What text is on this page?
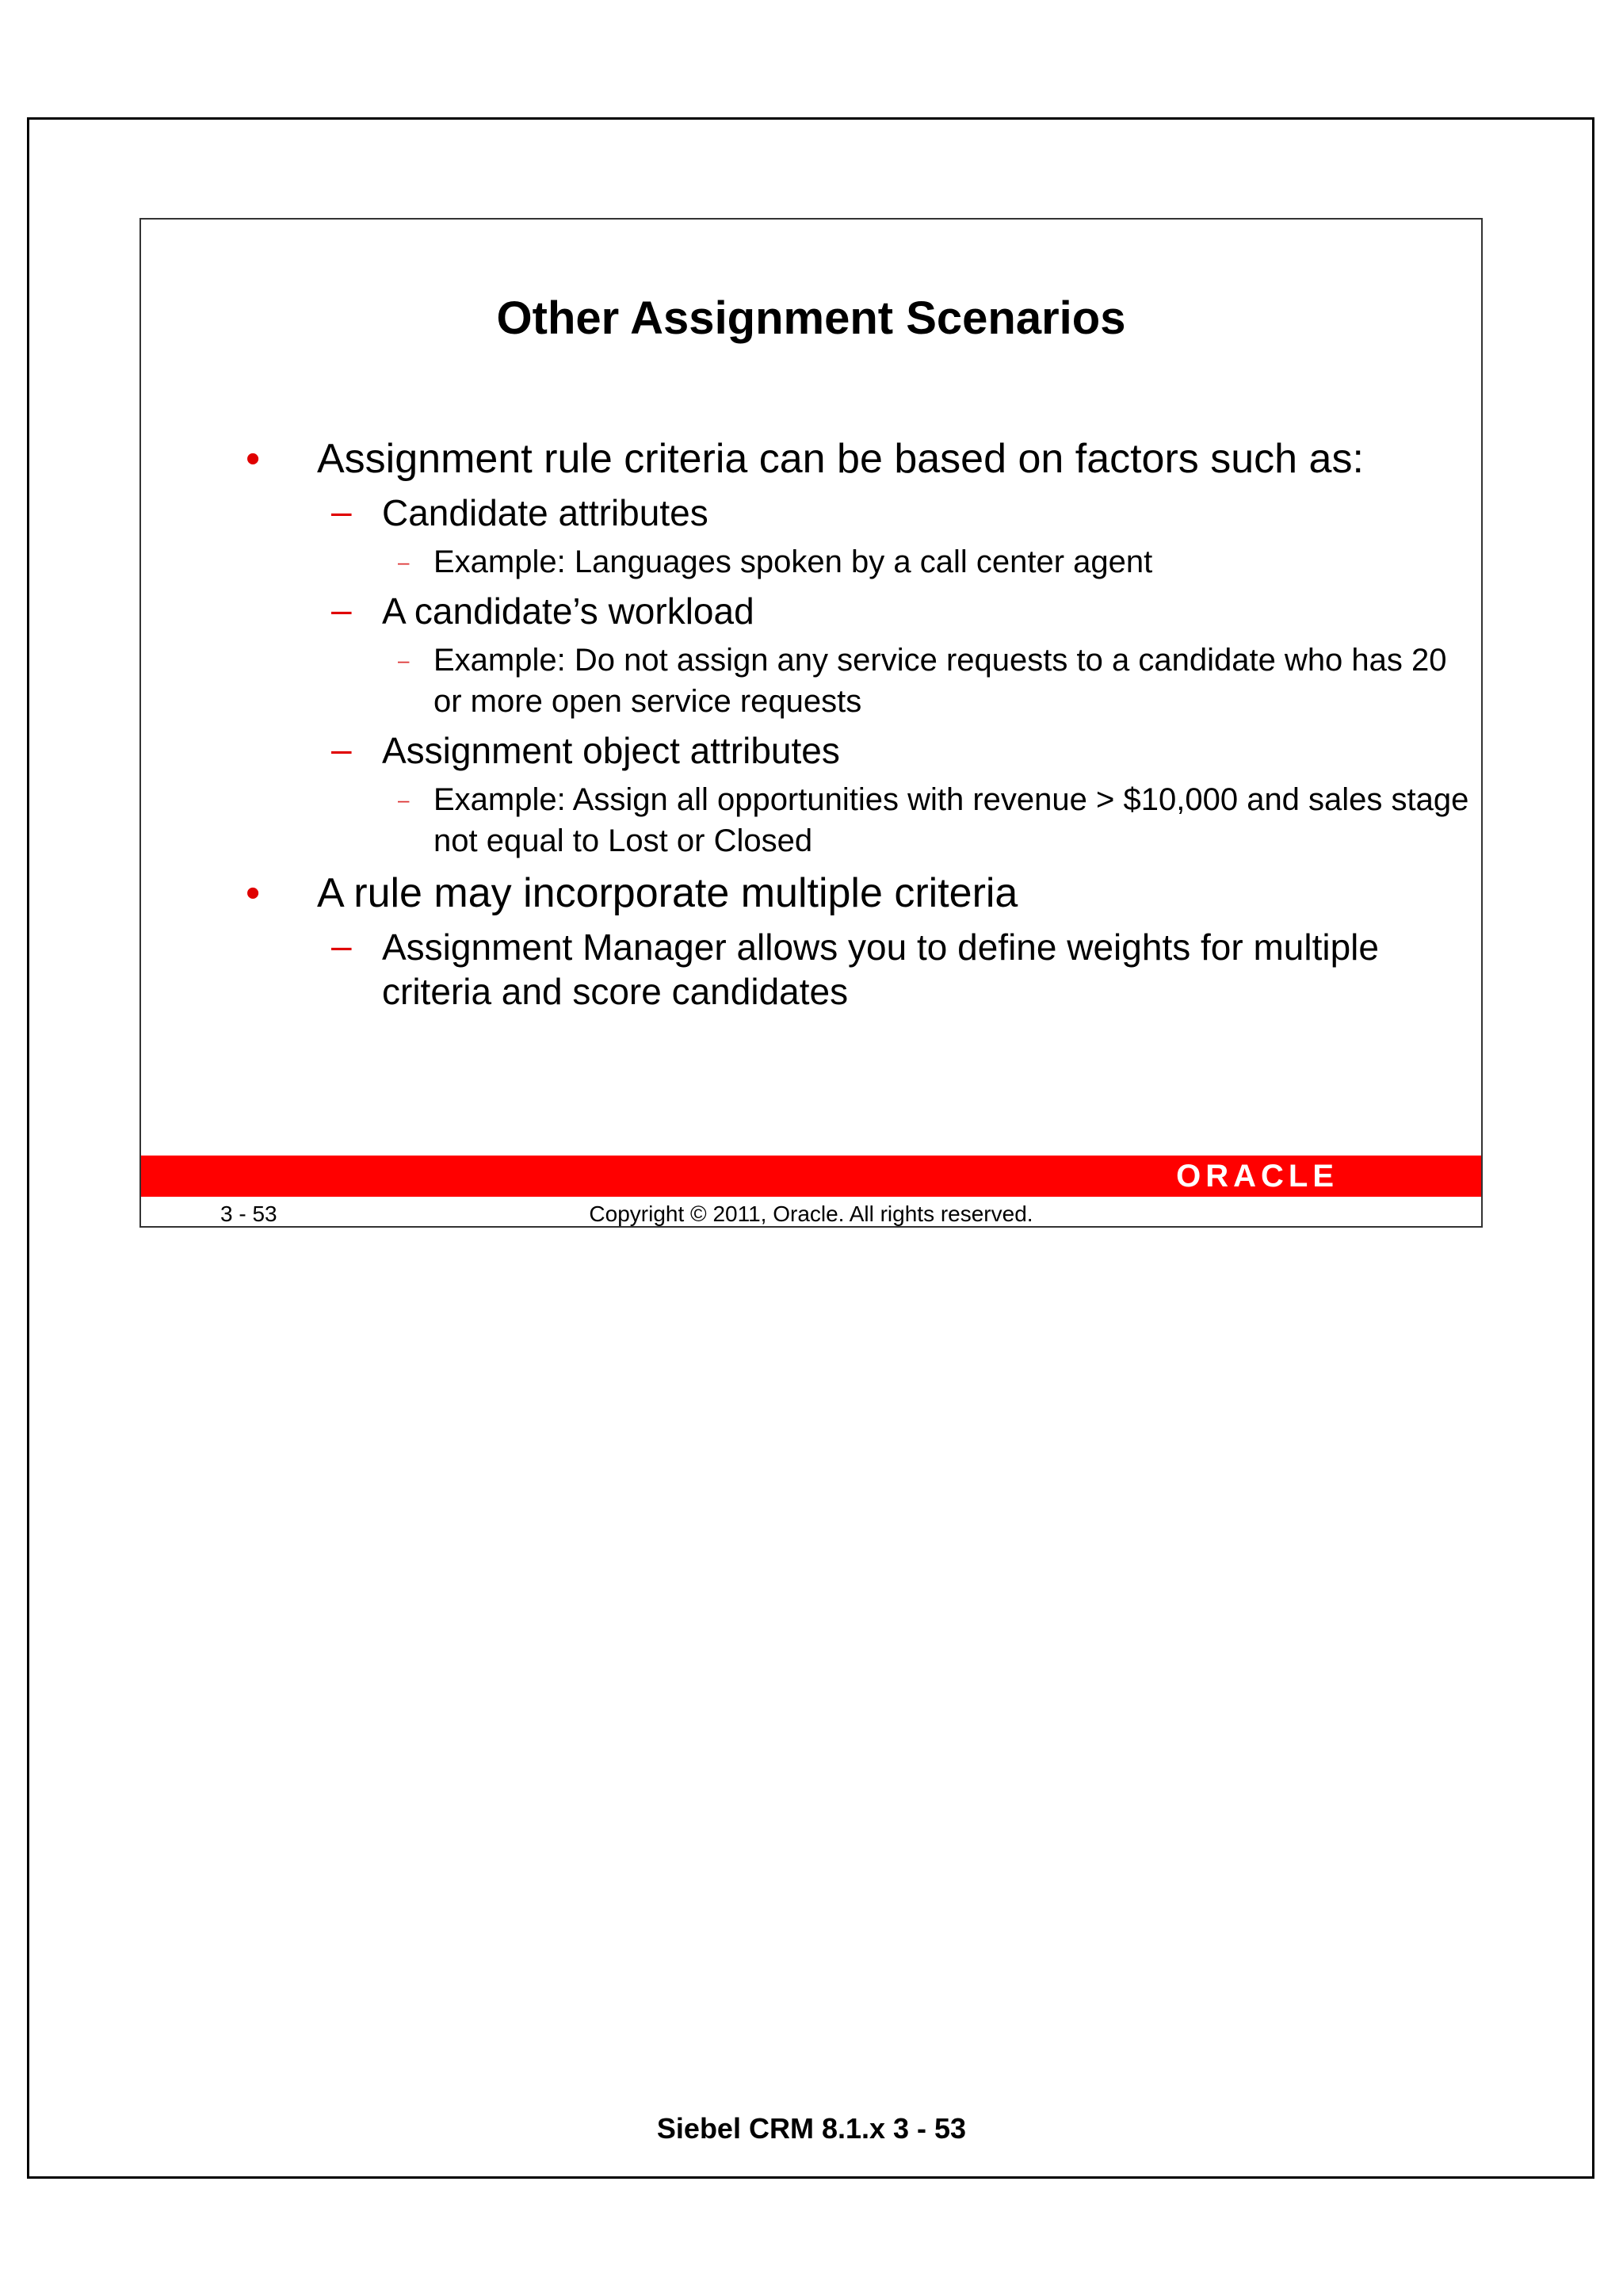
Other Assignment Scenarios
• Assignment rule criteria can be based on factors such as:
– Candidate attributes
– Example: Languages spoken by a call center agent
– A candidate’s workload
– Example: Do not assign any service requests to a candidate who has 20 or more open service requests
– Assignment object attributes
– Example: Assign all opportunities with revenue > $10,000 and sales stage not equal to Lost or Closed
• A rule may incorporate multiple criteria
– Assignment Manager allows you to define weights for multiple criteria and score candidates
ORACLE
3 - 53	Copyright © 2011, Oracle. All rights reserved.
Siebel CRM 8.1.x 3 - 53
